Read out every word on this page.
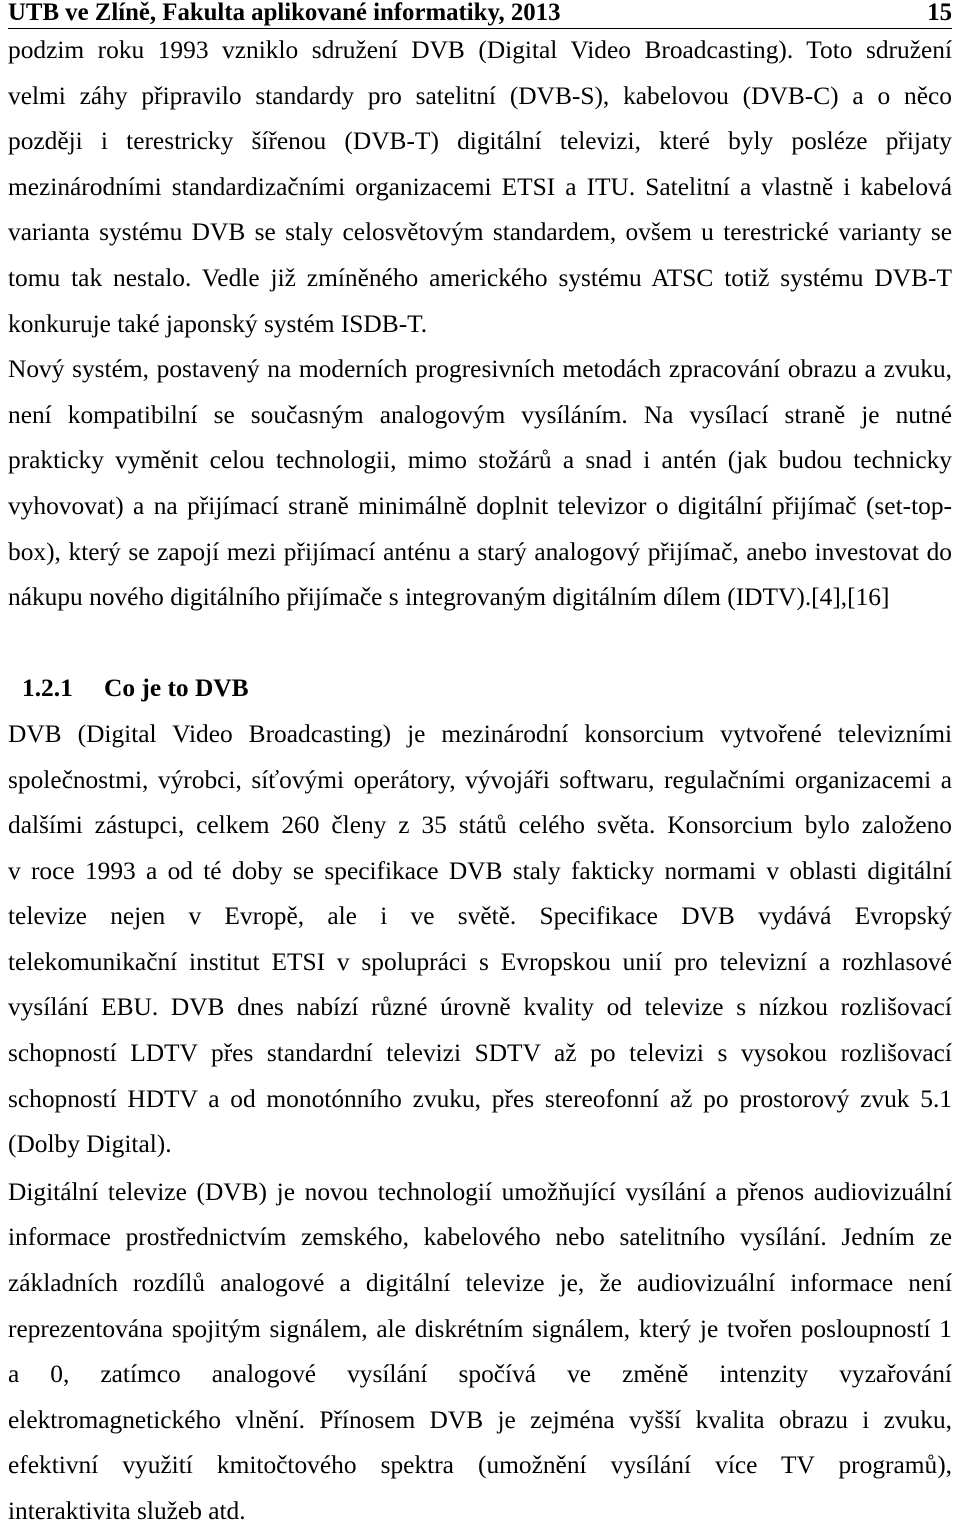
UTB ve Zlíně, Fakulta aplikované informatiky, 2013	15
podzim roku 1993 vzniklo sdružení DVB (Digital Video Broadcasting). Toto sdružení
velmi záhy připravilo standardy pro satelitní (DVB-S), kabelovou (DVB-C) a o něco
později i terestricky šířenou (DVB-T) digitální televizi, které byly posléze přijaty
mezinárodními standardizačními organizacemi ETSI a ITU. Satelitní a vlastně i kabelová
varianta systému DVB se staly celosvětovým standardem, ovšem u terestrické varianty se
tomu tak nestalo. Vedle již zmíněného amerického systému ATSC totiž systému DVB-T
konkuruje také japonský systém ISDB-T.
Nový systém, postavený na moderních progresivních metodách zpracování obrazu a zvuku,
není kompatibilní se současným analogovým vysíláním. Na vysílací straně je nutné
prakticky vyměnit celou technologii, mimo stožárů a snad i antén (jak budou technicky
vyhovovat) a na přijímací straně minimálně doplnit televizor o digitální přijímač (set-top-
box), který se zapojí mezi přijímací anténu a starý analogový přijímač, anebo investovat do
nákupu nového digitálního přijímače s integrovaným digitálním dílem (IDTV).[4],[16]
1.2.1 Co je to DVB
DVB (Digital Video Broadcasting) je mezinárodní konsorcium vytvořené televizními
společnostmi, výrobci, síťovými operátory, vývojáři softwaru, regulačními organizacemi a
dalšími zástupci, celkem 260 členy z 35 států celého světa. Konsorcium bylo založeno
v roce 1993 a od té doby se specifikace DVB staly fakticky normami v oblasti digitální
televize nejen v Evropě, ale i ve světě. Specifikace DVB vydává Evropský
telekomunikační institut ETSI v spolupráci s Evropskou unií pro televizní a rozhlasové
vysílání EBU. DVB dnes nabízí různé úrovně kvality od televize s nízkou rozlišovací
schopností LDTV přes standardní televizi SDTV až po televizi s vysokou rozlišovací
schopností HDTV a od monotónního zvuku, přes stereofonní až po prostorový zvuk 5.1
(Dolby Digital).
Digitální televize (DVB) je novou technologií umožňující vysílání a přenos audiovizuální
informace prostřednictvím zemského, kabelového nebo satelitního vysílání. Jedním ze
základních rozdílů analogové a digitální televize je, že audiovizuální informace není
reprezentována spojitým signálem, ale diskrétním signálem, který je tvořen posloupností 1
a 0, zatímco analogové vysílání spočívá ve změně intenzity vyzařování
elektromagnetického vlnění. Přínosem DVB je zejména vyšší kvalita obrazu i zvuku,
efektivní využití kmitočtového spektra (umožnění vysílání více TV programů),
interaktivita služeb atd.
